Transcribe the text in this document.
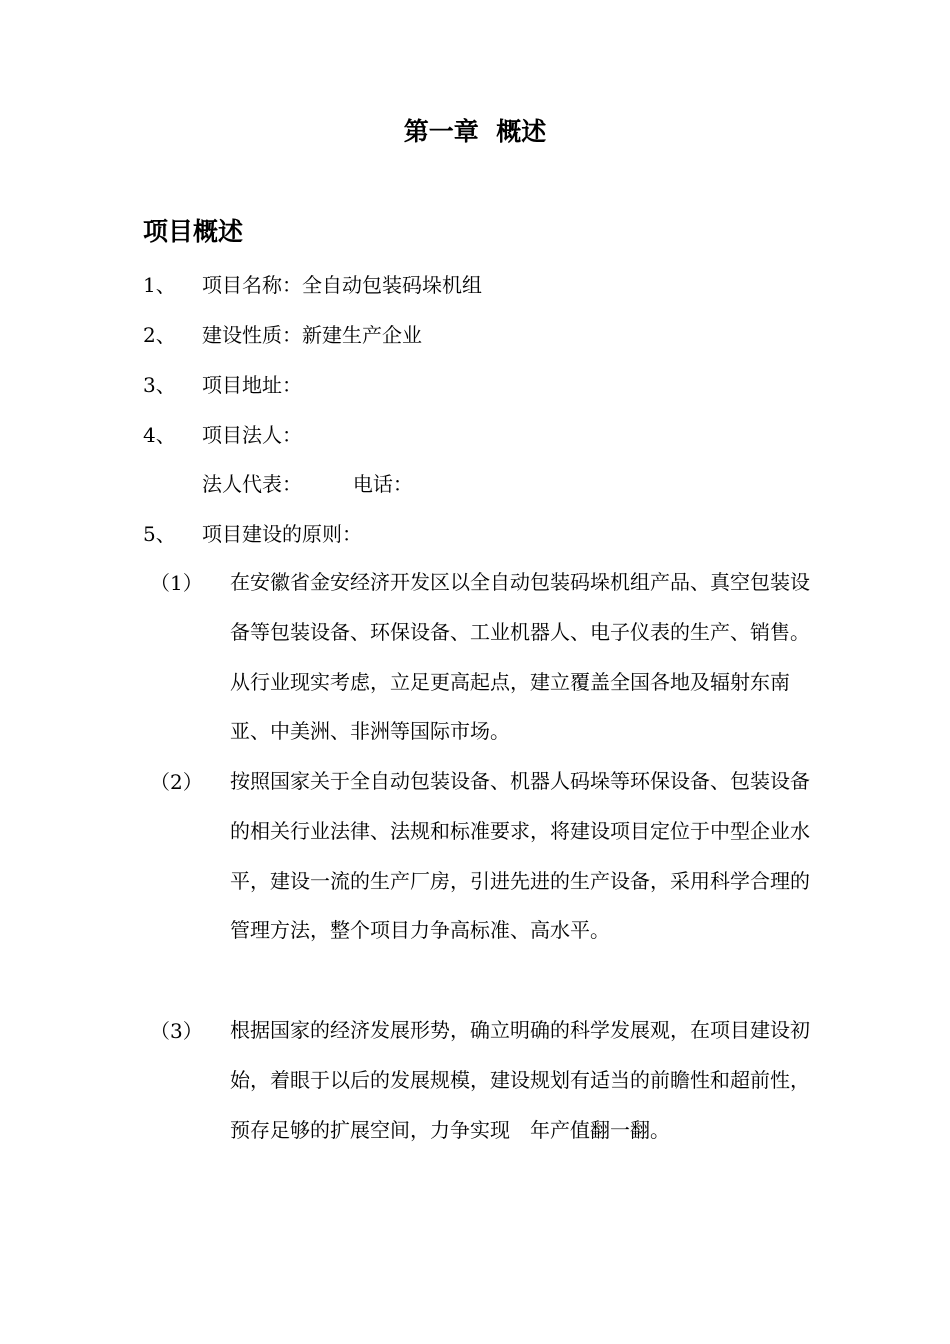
第一章  概述
项目概述
1、 项目名称：全自动包装码垛机组
2、 建设性质：新建生产企业
3、 项目地址：
4、 项目法人：
法人代表：        电话：
5、 项目建设的原则：
（1） 在安徽省金安经济开发区以全自动包装码垛机组产品、真空包装设备等包装设备、环保设备、工业机器人、电子仪表的生产、销售。从行业现实考虑，立足更高起点，建立覆盖全国各地及辐射东南亚、中美洲、非洲等国际市场。

（2） 按照国家关于全自动包装设备、机器人码垛等环保设备、包装设备的相关行业法律、法规和标准要求，将建设项目定位于中型企业水平，建设一流的生产厂房，引进先进的生产设备，采用科学合理的管理方法，整个项目力争高标准、高水平。

（3） 根据国家的经济发展形势，确立明确的科学发展观，在项目建设初始，着眼于以后的发展规模，建设规划有适当的前瞻性和超前性，预存足够的扩展空间，力争实现　年产值翻一翻。
